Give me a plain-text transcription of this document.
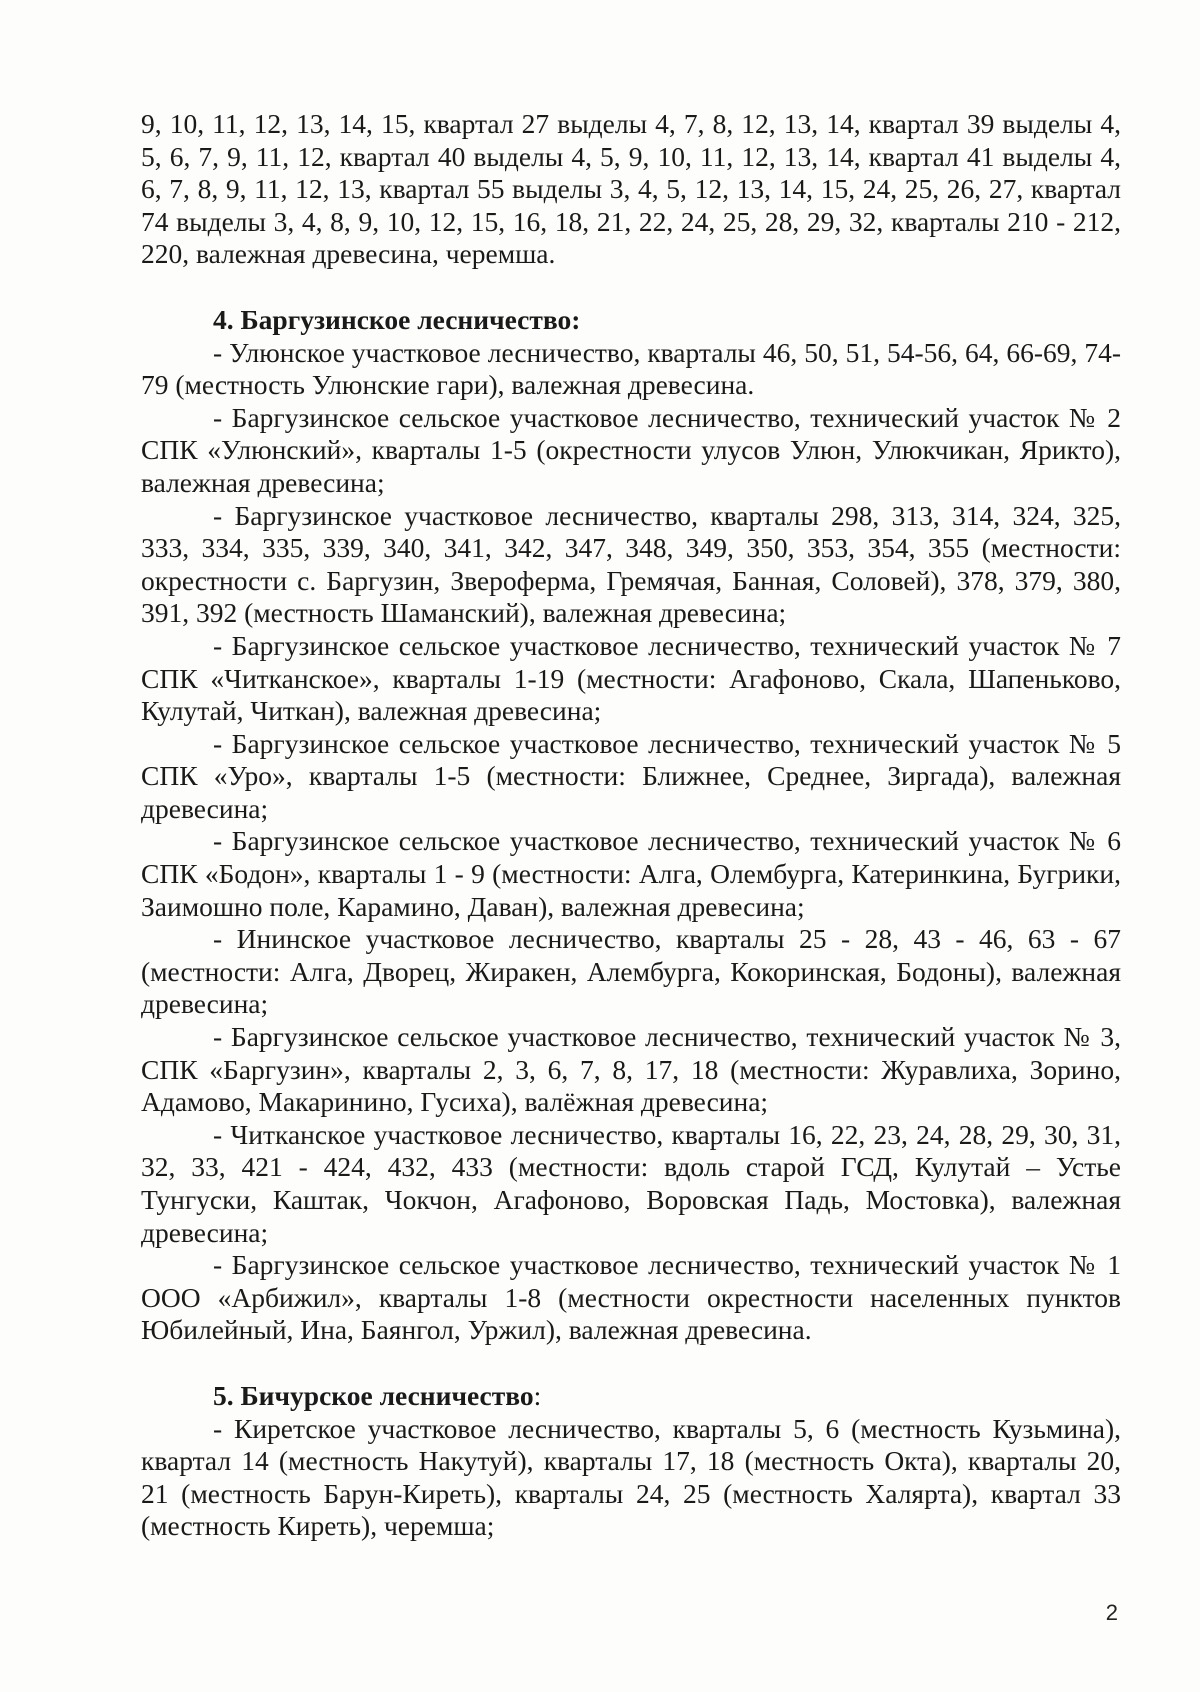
9, 10, 11, 12, 13, 14, 15, квартал 27 выделы 4, 7, 8, 12, 13, 14, квартал 39 выделы 4, 5, 6, 7, 9, 11, 12, квартал 40 выделы 4, 5, 9, 10, 11, 12, 13, 14, квартал 41 выделы 4, 6, 7, 8, 9, 11, 12, 13, квартал 55 выделы 3, 4, 5, 12, 13, 14, 15, 24, 25, 26, 27, квартал 74 выделы 3, 4, 8, 9, 10, 12, 15, 16, 18, 21, 22, 24, 25, 28, 29, 32, кварталы 210 - 212, 220, валежная древесина, черемша.

4. Баргузинское лесничество:

- Улюнское участковое лесничество, кварталы 46, 50, 51, 54-56, 64, 66-69, 74-79 (местность Улюнские гари), валежная древесина.

- Баргузинское сельское участковое лесничество, технический участок № 2 СПК «Улюнский», кварталы 1-5 (окрестности улусов Улюн, Улюкчикан, Ярикто), валежная древесина;

- Баргузинское участковое лесничество, кварталы 298, 313, 314, 324, 325, 333, 334, 335, 339, 340, 341, 342, 347, 348, 349, 350, 353, 354, 355 (местности: окрестности с. Баргузин, Звероферма, Гремячая, Банная, Соловей), 378, 379, 380, 391, 392 (местность Шаманский), валежная древесина;

- Баргузинское сельское участковое лесничество, технический участок № 7 СПК «Читканское», кварталы 1-19 (местности: Агафоново, Скала, Шапеньково, Кулутай, Читкан), валежная древесина;

- Баргузинское сельское участковое лесничество, технический участок № 5 СПК «Уро», кварталы 1-5 (местности: Ближнее, Среднее, Зиргада), валежная древесина;

- Баргузинское сельское участковое лесничество, технический участок № 6 СПК «Бодон», кварталы 1 - 9 (местности: Алга, Олембурга, Катеринкина, Бугрики, Заимошно поле, Карамино, Даван), валежная древесина;

- Ининское участковое лесничество, кварталы 25 - 28, 43 - 46, 63 - 67 (местности: Алга, Дворец, Жиракен, Алембурга, Кокоринская, Бодоны), валежная древесина;

- Баргузинское сельское участковое лесничество, технический участок № 3, СПК «Баргузин», кварталы 2, 3, 6, 7, 8, 17, 18 (местности: Журавлиха, Зорино, Адамово, Макаринино, Гусиха), валёжная древесина;

- Читканское участковое лесничество, кварталы 16, 22, 23, 24, 28, 29, 30, 31, 32, 33, 421 - 424, 432, 433 (местности: вдоль старой ГСД, Кулутай – Устье Тунгуски, Каштак, Чокчон, Агафоново, Воровская Падь, Мостовка), валежная древесина;

- Баргузинское сельское участковое лесничество, технический участок № 1 ООО «Арбижил», кварталы 1-8 (местности окрестности населенных пунктов Юбилейный, Ина, Баянгол, Уржил), валежная древесина.

5. Бичурское лесничество:

- Киретское участковое лесничество, кварталы 5, 6 (местность Кузьмина), квартал 14 (местность Накутуй), кварталы 17, 18 (местность Окта), кварталы 20, 21 (местность Барун-Киреть), кварталы 24, 25 (местность Халярта), квартал 33 (местность Киреть), черемша;

2
